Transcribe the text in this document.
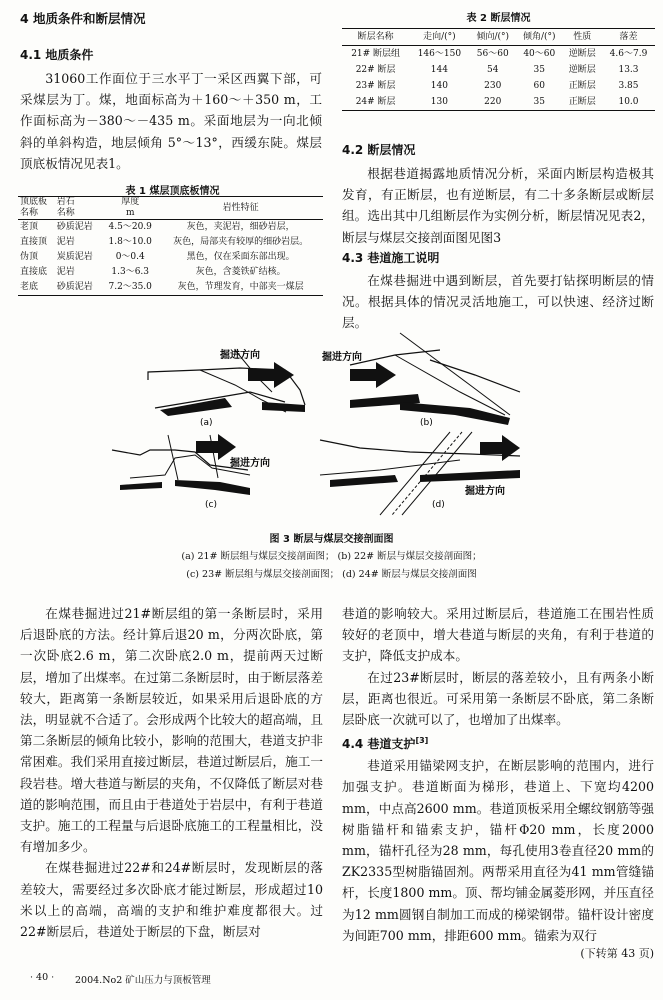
4 地质条件和断层情况
4.1 地质条件

31060工作面位于三水平丁一采区西翼下部，可采煤层为丁。煤，地面标高为＋160～＋350 m，工作面标高为－380～－435 m。采面地层为一向北倾斜的单斜构造，地层倾角 5°～13°，西缓东陡。煤层顶底板情况见表1。

表 1 煤层顶底板情况
顶底板	岩石	厚度	岩性特征
名称	名称	m	
老顶	砂质泥岩	4.5～20.9	灰色，夹泥岩，细砂岩层，
直接顶	泥岩	1.8～10.0	灰色，局部夹有较厚的细砂岩层。
伪顶	炭质泥岩	0～0.4	黑色，仅在采面东部出现。
直接底	泥岩	1.3～6.3	灰色，含菱铁矿结核。
老底	砂质泥岩	7.2～35.0	灰色，节理发育，中部夹一煤层
表 2 断层情况
断层名称	走向/(°)	倾向/(°)	倾角/(°)	性质	落差
21# 断层组	146～150	56～60	40～60	逆断层	4.6～7.9
22# 断层	144	54	35	逆断层	13.3
23# 断层	140	230	60	正断层	3.85
24# 断层	130	220	35	正断层	10.0
4.2 断层情况

根据巷道揭露地质情况分析，采面内断层构造极其发育，有正断层，也有逆断层，有二十多条断层或断层组。选出其中几组断层作为实例分析，断层情况见表2，断层与煤层交接剖面图见图3

4.3 巷道施工说明

在煤巷掘进中遇到断层，首先要打钻探明断层的情况。根据具体的情况灵活地施工，可以快速、经济过断层。

掘进方向
(a)
掘进方向
(b)
掘进方向
(c)
掘进方向
(d)
图 3 断层与煤层交接剖面图
(a) 21# 断层组与煤层交接剖面图； (b) 22# 断层与煤层交接剖面图；
(c) 23# 断层组与煤层交接剖面图； (d) 24# 断层与煤层交接剖面图

在煤巷掘进过21#断层组的第一条断层时，采用后退卧底的方法。经计算后退20 m，分两次卧底，第一次卧底2.6 m，第二次卧底2.0 m，提前两天过断层，增加了出煤率。在过第二条断层时，由于断层落差较大，距离第一条断层较近，如果采用后退卧底的方法，明显就不合适了。会形成两个比较大的超高端，且第二条断层的倾角比较小，影响的范围大，巷道支护非常困难。我们采用直接过断层，巷道过断层后，施工一段岩巷。增大巷道与断层的夹角，不仅降低了断层对巷道的影响范围，而且由于巷道处于岩层中，有利于巷道支护。施工的工程量与后退卧底施工的工程量相比，没有增加多少。

在煤巷掘进过22#和24#断层时，发现断层的落差较大，需要经过多次卧底才能过断层，形成超过10米以上的高端，高端的支护和维护难度都很大。过22#断层后，巷道处于断层的下盘，断层对

巷道的影响较大。采用过断层后，巷道施工在围岩性质较好的老顶中，增大巷道与断层的夹角，有利于巷道的支护，降低支护成本。

在过23#断层时，断层的落差较小，且有两条小断层，距离也很近。可采用第一条断层不卧底，第二条断层卧底一次就可以了，也增加了出煤率。

4.4 巷道支护[3]

巷道采用锚梁网支护，在断层影响的范围内，进行加强支护。巷道断面为梯形，巷道上、下宽均4200 mm，中点高2600 mm。巷道顶板采用全螺纹钢筋等强树脂锚杆和锚索支护，锚杆Φ20 mm，长度2000 mm，锚杆孔径为28 mm，每孔使用3卷直径20 mm的ZK2335型树脂锚固剂。两帮采用直径为41 mm管缝锚杆，长度1800 mm。顶、帮均铺金属菱形网，并压直径为12 mm圆钢自制加工而成的梯梁钢带。锚杆设计密度为间距700 mm，排距600 mm。锚索为双行

(下转第 43 页)
· 40 · 2004.No2 矿山压力与顶板管理
